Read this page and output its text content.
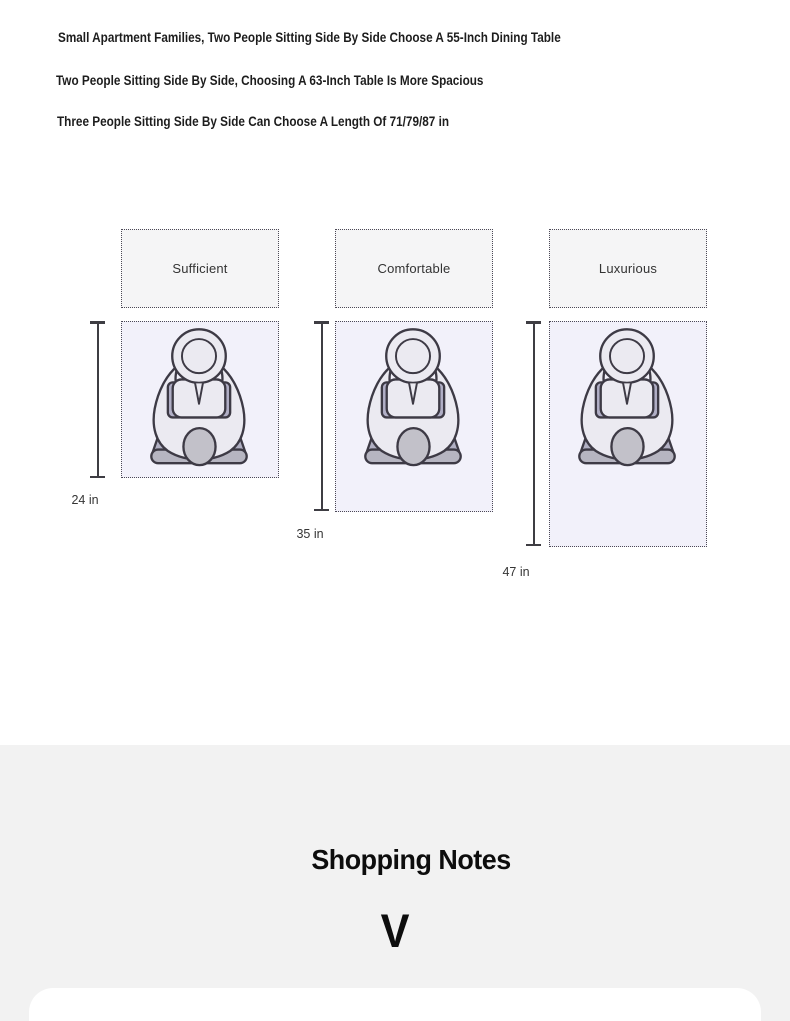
Small Apartment Families, Two People Sitting Side By Side Choose A 55-Inch Dining Table
Two People Sitting Side By Side, Choosing A 63-Inch Table Is More Spacious
Three People Sitting Side By Side Can Choose A Length Of 71/79/87 in
Sufficient
24 in
Comfortable
35 in
Luxurious
47 in
Shopping Notes
V
